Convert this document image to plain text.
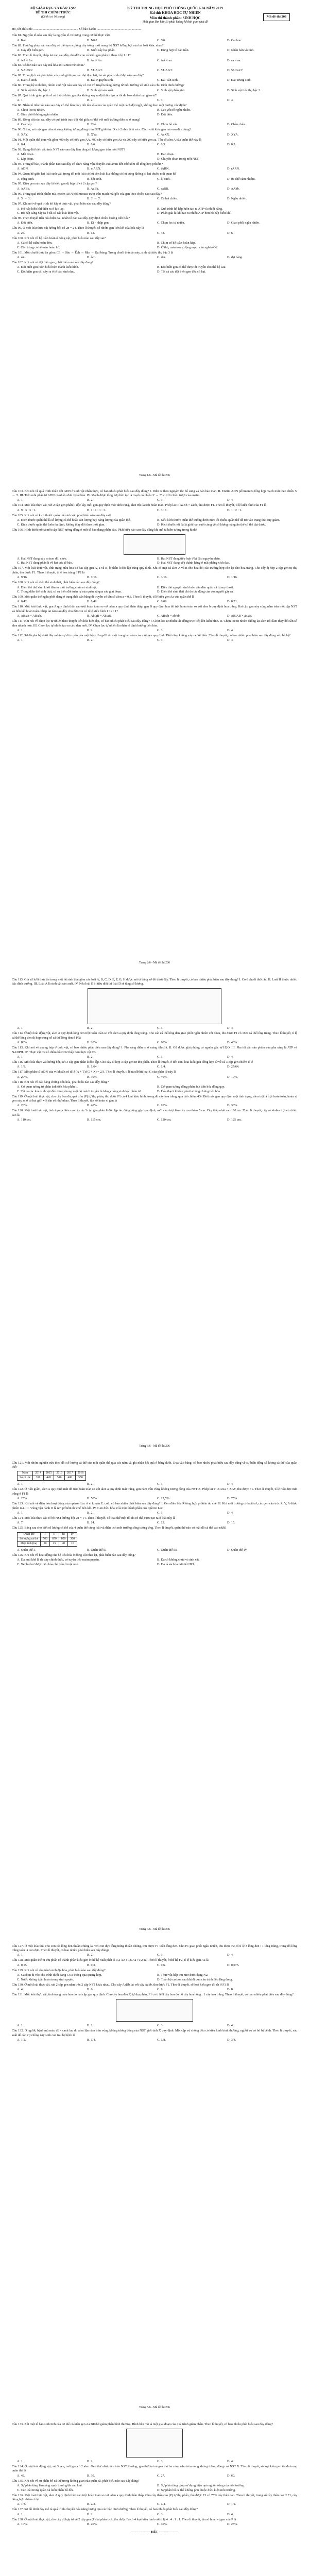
BỘ GIÁO DỤC VÀ ĐÀO TẠO
ĐỀ THI CHÍNH THỨC
(Đề thi có 06 trang)
KỲ THI TRUNG HỌC PHỔ THÔNG QUỐC GIA NĂM 2019
Bài thi: KHOA HỌC TỰ NHIÊN
Môn thi thành phần: SINH HỌC
Thời gian làm bài: 50 phút, không kể thời gian phát đề
Mã đề thi 206
Họ, tên thí sinh: ....................................................... Số báo danh: .......................................................
Câu 81. Nguyên tố nào sau đây là nguyên tố vi lượng trong cơ thể thực vật?
A. Kali.	B. Nitơ.	C. Sắt.	D. Cacbon.
Câu 82. Phương pháp nào sau đây có thể tạo ra giống cây trồng mới mang bộ NST lưỡng bội của hai loài khác nhau?
A. Gây đột biến gen.	B. Nuôi cấy hạt phấn.	C. Dung hợp tế bào trần.	D. Nhân bản vô tính.
Câu 83. Theo lí thuyết, phép lai nào sau đây cho đời con có kiểu gen phân li theo tỉ lệ 1 : 1?
A. AA × Aa.	B. Aa × Aa.	C. AA × aa.	D. aa × aa.
Câu 84. Côđon nào sau đây mã hóa axit amin mêtiônin?
A. 5'AUG3'.	B. 5'UAA3'.	C. 5'UAG3'.	D. 5'UGA3'.
Câu 85. Trong lịch sử phát triển của sinh giới qua các đại địa chất, bò sát phát sinh ở đại nào sau đây?
A. Đại Cổ sinh.	B. Đại Nguyên sinh.	C. Đại Tân sinh.	D. Đại Trung sinh.
Câu 86. Trong hệ sinh thái, nhóm sinh vật nào sau đây có vai trò truyền năng lượng từ môi trường vô sinh vào chu trình dinh dưỡng?
A. Sinh vật tiêu thụ bậc 1.	B. Sinh vật sản xuất.	C. Sinh vật phân giải.	D. Sinh vật tiêu thụ bậc 2.
Câu 87. Quá trình giảm phân ở cơ thể có kiểu gen Aa không xảy ra đột biến tạo ra tối đa bao nhiêu loại giao tử?
A. 1.	B. 2.	C. 3.	D. 4.
Câu 88. Nhân tố tiến hóa nào sau đây có thể làm thay đổi tần số alen của quần thể một cách đột ngột, không theo một hướng xác định?
A. Chọn lọc tự nhiên.	B. Các yếu tố ngẫu nhiên.
C. Giao phối không ngẫu nhiên.	D. Đột biến.
Câu 89. Động vật nào sau đây có quá trình trao đổi khí giữa cơ thể với môi trường diễn ra ở mang?
A. Cá chép.	B. Thỏ.	C. Chim bồ câu.	D. Châu chấu.
Câu 90. Ở thú, xét một gen nằm ở vùng không tương đồng trên NST giới tính X có 2 alen là A và a. Cách viết kiểu gen nào sau đây đúng?
A. XAY.	B. XYa.	C. AaXX.	D. XYA.
Câu 91. Một quần thể thực vật gồm 400 cây có kiểu gen AA, 400 cây có kiểu gen Aa và 200 cây có kiểu gen aa. Tần số alen A của quần thể này là
A. 0,4.	B. 0,6.	C. 0,3.	D. 0,5.
Câu 92. Dạng đột biến cấu trúc NST nào sau đây làm tăng số lượng gen trên một NST?
A. Mất đoạn.	B. Đảo đoạn.
C. Lặp đoạn.	D. Chuyển đoạn trong một NST.
Câu 93. Trong tế bào, thành phần nào sau đây có chức năng vận chuyển axit amin đến ribôxôm để tổng hợp prôtêin?
A. ADN.	B. mARN.	C. tARN.	D. rARN.
Câu 94. Quan hệ giữa hai loài sinh vật, trong đó một loài có lợi còn loài kia không có lợi cũng không bị hại thuộc mối quan hệ
A. cộng sinh.	B. hội sinh.	C. kí sinh.	D. ức chế cảm nhiễm.
Câu 95. Kiểu gen nào sau đây là kiểu gen dị hợp tử về 2 cặp gen?
A. AABb.	B. AaBb.	C. aaBB.	D. AAbb.
Câu 96. Trong quá trình phiên mã, enzim ARN pôlimeraza trượt trên mạch mã gốc của gen theo chiều nào sau đây?
A. 5' → 3'.	B. 3' → 5'.	C. Cả hai chiều.	D. Ngẫu nhiên.
Câu 97. Khi nói về quá trình hô hấp ở thực vật, phát biểu nào sau đây đúng?
A. Hô hấp hiếu khí diễn ra ở lục lạp.	B. Quá trình hô hấp luôn tạo ra ATP và nhiệt năng.
C. Hô hấp sáng xảy ra ở tất cả các loài thực vật.	D. Phân giải kị khí tạo ra nhiều ATP hơn hô hấp hiếu khí.
Câu 98. Theo thuyết tiến hóa hiện đại, nhân tố nào sau đây quy định chiều hướng tiến hóa?
A. Đột biến.	B. Di - nhập gen.	C. Chọn lọc tự nhiên.	D. Giao phối ngẫu nhiên.
Câu 99. Ở một loài thực vật lưỡng bội có 2n = 24. Theo lí thuyết, số nhóm gen liên kết của loài này là
A. 24.	B. 12.	C. 48.	D. 6.
Câu 100. Khi nói về hệ tuần hoàn ở động vật, phát biểu nào sau đây sai?
A. Cá có hệ tuần hoàn đơn.	B. Chim có hệ tuần hoàn kép.
C. Côn trùng có hệ tuần hoàn hở.	D. Ở thú, máu trong động mạch chủ nghèo O2.
Câu 101. Một chuỗi thức ăn gồm: Cỏ → Sâu → Ếch → Rắn → Đại bàng. Trong chuỗi thức ăn này, sinh vật tiêu thụ bậc 3 là
A. sâu.	B. ếch.	C. rắn.	D. đại bàng.
Câu 102. Khi nói về đột biến gen, phát biểu nào sau đây đúng?
A. Đột biến gen luôn biểu hiện thành kiểu hình.	B. Đột biến gen có thể được di truyền cho thế hệ sau.
C. Đột biến gen chỉ xảy ra ở tế bào sinh dục.	D. Tất cả các đột biến gen đều có hại.
Trang 1/6 - Mã đề thi 206
Câu 103. Khi nói về quá trình nhân đôi ADN ở sinh vật nhân thực, có bao nhiêu phát biểu sau đây đúng? I. Diễn ra theo nguyên tắc bổ sung và bán bảo toàn. II. Enzim ADN pôlimeraza tổng hợp mạch mới theo chiều 5' → 3'. III. Trên mỗi phân tử ADN có nhiều đơn vị tái bản. IV. Mạch được tổng hợp liên tục là mạch có chiều 3' → 5' so với chiều trượt của enzim.
A. 1.	B. 2.	C. 3.	D. 4.
Câu 104. Một loài thực vật, xét 2 cặp gen phân li độc lập, mỗi gen quy định một tính trạng, alen trội là trội hoàn toàn. Phép lai P: AaBb × aabb, thu được F1. Theo lí thuyết, tỉ lệ kiểu hình của F1 là
A. 9 : 3 : 3 : 1.	B. 1 : 1 : 1 : 1.	C. 3 : 1.	D. 1 : 2 : 1.
Câu 105. Khi nói về kích thước quần thể sinh vật, phát biểu nào sau đây sai?
A. Kích thước quần thể là số lượng cá thể hoặc sản lượng hay năng lượng của quần thể.	B. Nếu kích thước quần thể xuống dưới mức tối thiểu, quần thể dễ rơi vào trạng thái suy giảm.
C. Kích thước quần thể luôn ổn định, không thay đổi theo thời gian.	D. Kích thước tối đa là giới hạn cuối cùng về số lượng mà quần thể có thể đạt được.
Câu 106. Hình dưới mô tả một cặp NST tương đồng ở một tế bào đang phân bào. Phát biểu nào sau đây đúng khi mô tả hiện tượng trong hình?
A. Hai NST đang xảy ra trao đổi chéo.	B. Hai NST đang tiếp hợp ở kì đầu nguyên phân.
C. Hai NST đang phân li về hai cực tế bào.	D. Hai NST đang xếp thành hàng ở mặt phẳng xích đạo.
Câu 107. Một loài thực vật, tính trạng màu hoa do hai cặp gen A, a và B, b phân li độc lập cùng quy định. Khi có mặt cả alen A và B cho hoa đỏ; các trường hợp còn lại cho hoa trắng. Cho cây dị hợp 2 cặp gen tự thụ phấn, thu được F1. Theo lí thuyết, tỉ lệ hoa trắng ở F1 là
A. 9/16.	B. 7/16.	C. 3/16.	D. 1/16.
Câu 108. Khi nói về diễn thế sinh thái, phát biểu nào sau đây đúng?
A. Diễn thế thứ sinh khởi đầu từ môi trường chưa có sinh vật.	B. Diễn thế nguyên sinh luôn dẫn đến quần xã bị suy thoái.
C. Trong diễn thế sinh thái, có sự biến đổi tuần tự của quần xã qua các giai đoạn.	D. Diễn thế sinh thái chỉ do tác động của con người gây ra.
Câu 109. Một quần thể ngẫu phối đang ở trạng thái cân bằng di truyền có tần số alen a = 0,3. Theo lí thuyết, tỉ lệ kiểu gen Aa của quần thể là
A. 0,42.	B. 0,49.	C. 0,09.	D. 0,21.
Câu 110. Một loài thực vật, gen A quy định thân cao trội hoàn toàn so với alen a quy định thân thấp; gen B quy định hoa đỏ trội hoàn toàn so với alen b quy định hoa trắng. Hai cặp gen này cùng nằm trên một cặp NST và liên kết hoàn toàn. Phép lai nào sau đây cho đời con có tỉ lệ kiểu hình 1 : 2 : 1?
A. AB/ab × AB/ab.	B. Ab/aB × Ab/aB.	C. AB/ab × ab/ab.	D. AB/AB × ab/ab.
Câu 111. Khi nói về chọn lọc tự nhiên theo thuyết tiến hóa hiện đại, có bao nhiêu phát biểu sau đây đúng? I. Chọn lọc tự nhiên tác động trực tiếp lên kiểu hình. II. Chọn lọc tự nhiên chống lại alen trội làm thay đổi tần số alen nhanh hơn. III. Chọn lọc tự nhiên tạo ra các alen mới. IV. Chọn lọc tự nhiên là nhân tố định hướng tiến hóa.
A. 1.	B. 2.	C. 3.	D. 4.
Câu 112. Sơ đồ phả hệ dưới đây mô tả sự di truyền của một bệnh ở người do một trong hai alen của một gen quy định. Biết rằng không xảy ra đột biến. Theo lí thuyết, có bao nhiêu phát biểu sau đây đúng về phả hệ?
A. 1.	B. 2.	C. 3.	D. 4.
Trang 2/6 - Mã đề thi 206
Câu 113. Giả sử lưới thức ăn trong một hệ sinh thái gồm các loài A, B, C, D, E, F, G, H được mô tả bằng sơ đồ dưới đây. Theo lí thuyết, có bao nhiêu phát biểu sau đây đúng? I. Có 6 chuỗi thức ăn. II. Loài H thuộc nhiều bậc dinh dưỡng. III. Loài A là sinh vật sản xuất. IV. Nếu loài E bị tiêu diệt thì loài D sẽ tăng số lượng.
A. 1.	B. 2.	C. 3.	D. 4.
Câu 114. Ở một loài động vật, alen A quy định lông đen trội hoàn toàn so với alen a quy định lông trắng. Cho các cá thể lông đen giao phối ngẫu nhiên với nhau, thu được F1 có 16% cá thể lông trắng. Theo lí thuyết, tỉ lệ cá thể lông đen dị hợp trong số cá thể lông đen ở P là
A. 80%.	B. 20%.	C. 60%.	D. 40%.
Câu 115. Khi nói về quang hợp ở thực vật, có bao nhiêu phát biểu sau đây đúng? I. Pha sáng diễn ra ở màng tilacôit. II. O2 được giải phóng có nguồn gốc từ H2O. III. Pha tối cần sản phẩm của pha sáng là ATP và NADPH. IV. Thực vật C4 có điểm bù CO2 thấp hơn thực vật C3.
A. 1.	B. 2.	C. 3.	D. 4.
Câu 116. Một loài thực vật lưỡng bội, xét 3 cặp gen phân li độc lập. Cho cây dị hợp 3 cặp gen tự thụ phấn. Theo lí thuyết, ở đời con, loại kiểu gen đồng hợp tử về cả 3 cặp gen chiếm tỉ lệ
A. 1/8.	B. 1/64.	C. 1/4.	D. 27/64.
Câu 117. Một phân tử ADN của vi khuẩn có tỉ lệ (A + T)/(G + X) = 2/3. Theo lí thuyết, tỉ lệ nuclêôtit loại G của phân tử này là
A. 20%.	B. 30%.	C. 40%.	D. 10%.
Câu 118. Khi nói về các bằng chứng tiến hóa, phát biểu nào sau đây đúng?
A. Cơ quan tương tự phản ánh tiến hóa phân li.	B. Cơ quan tương đồng phản ánh tiến hóa đồng quy.
C. Tất cả các loài sinh vật đều dùng chung một bộ mã di truyền là bằng chứng sinh học phân tử.	D. Hóa thạch không phải là bằng chứng tiến hóa.
Câu 119. Ở một loài thực vật, cho cây hoa đỏ, quả tròn (P) tự thụ phấn, thu được F1 có 4 loại kiểu hình, trong đó cây hoa trắng, quả dài chiếm 4%. Biết mỗi gen quy định một tính trạng, alen trội là trội hoàn toàn, hoán vị gen xảy ra ở cả hai giới với tần số như nhau. Theo lí thuyết, tần số hoán vị gen là
A. 20%.	B. 40%.	C. 10%.	D. 30%.
Câu 120. Một loài thực vật, tính trạng chiều cao cây do 3 cặp gen phân li độc lập tác động cộng gộp quy định; mỗi alen trội làm cây cao thêm 5 cm. Cây thấp nhất cao 100 cm. Theo lí thuyết, cây có 4 alen trội có chiều cao là
A. 110 cm.	B. 115 cm.	C. 120 cm.	D. 125 cm.
Trang 3/6 - Mã đề thi 206
Câu 121. Một nhóm nghiên cứu theo dõi số lượng cá thể của một quần thể qua các năm và ghi nhận kết quả ở bảng dưới. Dựa vào bảng, có bao nhiêu phát biểu sau đây đúng về sự biến động số lượng cá thể của quần thể?
Năm	2014	2015	2016	2017	2018
Số cá thể	350	420	510	480	550
A. 1.	B. 2.	C. 3.	D. 4.
Câu 122. Ở ruồi giấm, alen A quy định mắt đỏ trội hoàn toàn so với alen a quy định mắt trắng, gen nằm trên vùng không tương đồng của NST X. Phép lai P: XAXa × XAY, thu được F1. Theo lí thuyết, tỉ lệ ruồi đực mắt trắng ở F1 là
A. 25%.	B. 50%.	C. 12,5%.	D. 75%.
Câu 123. Khi nói về điều hòa hoạt động của opêron Lac ở vi khuẩn E. coli, có bao nhiêu phát biểu sau đây đúng? I. Gen điều hòa R tổng hợp prôtêin ức chế. II. Khi môi trường có lactôzơ, các gen cấu trúc Z, Y, A được phiên mã. III. Vùng vận hành O là nơi prôtêin ức chế liên kết. IV. Gen điều hòa R là một thành phần của opêron Lac.
A. 1.	B. 2.	C. 3.	D. 4.
Câu 124. Một loài thực vật có bộ NST lưỡng bội 2n = 14. Theo lí thuyết, số loại thể một tối đa có thể được tạo ra ở loài này là
A. 7.	B. 14.	C. 13.	D. 15.
Câu 125. Bảng sau cho biết số lượng cá thể của 4 quần thể cùng loài và diện tích môi trường sống tương ứng. Theo lí thuyết, quần thể nào có mật độ cá thể cao nhất?
Quần thể	I	II	III	IV
Số lượng cá thể	500	650	800	300
Diện tích (ha)	20	25	40	10
A. Quần thể I.	B. Quần thể II.	C. Quần thể III.	D. Quần thể IV.
Câu 126. Khi nói về hoạt động của hệ tiêu hóa ở động vật nhai lại, phát biểu nào sau đây đúng?
A. Dạ múi khế là dạ dày chính thức, có tuyến tiết enzim pepsin.	B. Dạ cỏ không chứa vi sinh vật.
C. Xenlulôzơ được tiêu hóa chủ yếu ở ruột non.	D. Dạ lá sách là nơi tiết HCl.
Trang 4/6 - Mã đề thi 206
Câu 127. Ở một loài thú, cho con cái lông đen thuần chủng lai với con đực lông trắng thuần chủng, thu được F1 toàn lông đen. Cho F1 giao phối ngẫu nhiên, thu được F2 có tỉ lệ 3 lông đen : 1 lông trắng, trong đó lông trắng toàn là con đực. Theo lí thuyết, có bao nhiêu phát biểu sau đây đúng?
A. 1.	B. 2.	C. 3.	D. 4.
Câu 128. Một quần thể tự thụ phấn có thành phần kiểu gen ở thế hệ xuất phát là 0,2 AA : 0,6 Aa : 0,2 aa. Theo lí thuyết, ở thế hệ F2, tỉ lệ kiểu gen Aa là
A. 0,15.	B. 0,3.	C. 0,6.	D. 0,075.
Câu 129. Khi nói về chu trình sinh địa hóa, phát biểu nào sau đây đúng?
A. Cacbon đi vào chu trình dưới dạng CO2 thông qua quang hợp.	B. Thực vật hấp thụ nitơ dưới dạng N2.
C. Nước không tuần hoàn trong sinh quyển.	D. Toàn bộ cacbon sau khi đi qua chu trình đều lắng đọng.
Câu 130. Ở một loài thực vật, xét 2 cặp gen nằm trên 2 cặp NST khác nhau. Cho cây AaBb lai với cây Aabb, thu được F1. Theo lí thuyết, số loại kiểu gen tối đa ở F1 là
A. 4.	B. 6.	C. 9.	D. 8.
Câu 131. Một loài thực vật, tính trạng màu hoa do hai cặp gen quy định. Cho cây hoa đỏ (P) tự thụ phấn, F1 có tỉ lệ 9 cây hoa đỏ : 6 cây hoa hồng : 1 cây hoa trắng. Theo lí thuyết, có bao nhiêu phát biểu sau đây đúng?
A. 1.	B. 2.	C. 3.	D. 4.
Câu 132. Ở người, bệnh mù màu đỏ - xanh lục do alen lặn nằm trên vùng không tương đồng của NST giới tính X quy định. Một cặp vợ chồng đều có kiểu hình bình thường, người vợ có bố bị bệnh. Theo lí thuyết, xác suất để cặp vợ chồng này sinh con trai bị bệnh là
A. 1/2.	B. 1/4.	C. 1/8.	D. 3/4.
Trang 5/6 - Mã đề thi 206
Câu 133. Xét một tế bào sinh tinh của cơ thể có kiểu gen Aa BD/bd giảm phân bình thường. Hình bên mô tả một giai đoạn của quá trình giảm phân. Theo lí thuyết, có bao nhiêu phát biểu sau đây đúng?
A. 1.	B. 2.	C. 3.	D. 4.
Câu 134. Ở một loài động vật, xét 3 gen, mỗi gen có 2 alen. Gen thứ nhất nằm trên NST thường; gen thứ hai và gen thứ ba cùng nằm trên vùng không tương đồng của NST X. Theo lí thuyết, số loại kiểu gen tối đa trong quần thể là
A. 42.	B. 30.	C. 27.	D. 60.
Câu 135. Khi nói về sự phân bố cá thể trong không gian của quần xã, phát biểu nào sau đây đúng?
A. Sự phân tầng làm tăng cạnh tranh giữa các loài.	B. Sự phân tầng giúp sử dụng hiệu quả nguồn sống của môi trường.
C. Các loài trong quần xã luôn phân bố đều.	D. Sự phân bố cá thể không phụ thuộc điều kiện môi trường.
Câu 136. Một loài thực vật, alen A quy định thân cao trội hoàn toàn so với alen a quy định thân thấp. Cho cây thân cao (P) tự thụ phấn, thu được F1 có 75% cây thân cao. Theo lí thuyết, trong số cây thân cao ở F1, cây đồng hợp chiếm tỉ lệ
A. 1/3.	B. 2/3.	C. 1/4.	D. 1/2.
Câu 137. Sơ đồ dưới đây mô tả quá trình chuyển hóa năng lượng qua các bậc dinh dưỡng. Theo lí thuyết, có bao nhiêu phát biểu sau đây đúng?
A. 1.	B. 2.	C. 3.	D. 4.
Câu 138. Ở một loài thực vật, cho cây dị hợp tử về 2 cặp gen (P) lai phân tích, thu được Fa có 4 loại kiểu hình với tỉ lệ 4 : 4 : 1 : 1. Theo lí thuyết, tần số hoán vị gen của P là
A. 10%.	B. 20%.	C. 40%.	D. 25%.
------------------ HẾT ------------------
